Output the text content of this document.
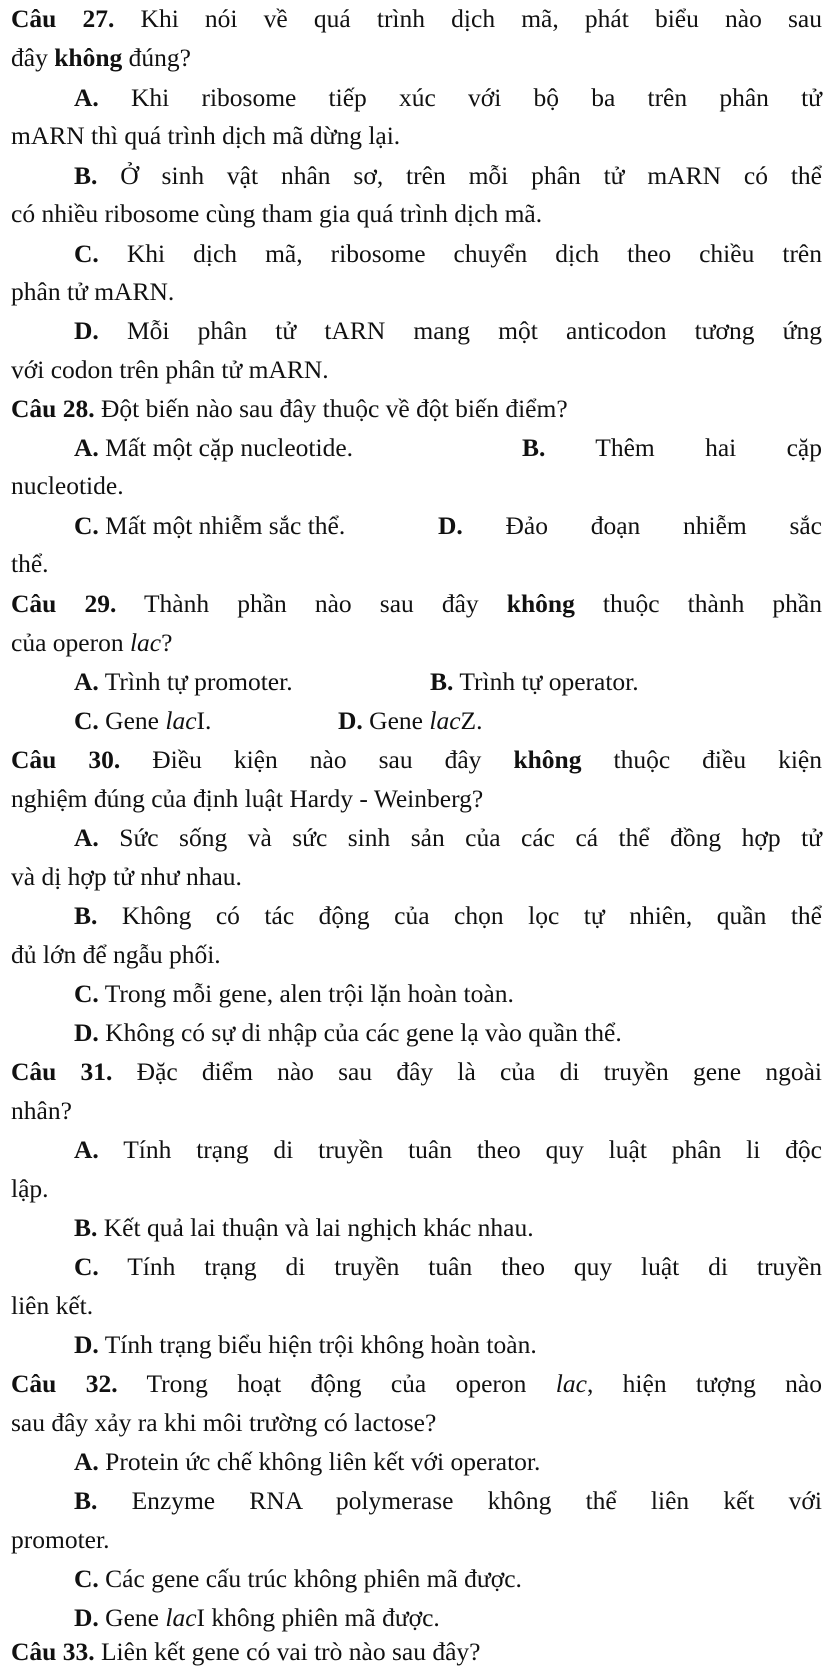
Câu 27. Khi nói về quá trình dịch mã, phát biểu nào sau
đây không đúng?
A. Khi ribosome tiếp xúc với bộ ba trên phân tử
mARN thì quá trình dịch mã dừng lại.
B. Ở sinh vật nhân sơ, trên mỗi phân tử mARN có thể
có nhiều ribosome cùng tham gia quá trình dịch mã.
C. Khi dịch mã, ribosome chuyển dịch theo chiều trên
phân tử mARN.
D. Mỗi phân tử tARN mang một anticodon tương ứng
với codon trên phân tử mARN.
Câu 28. Đột biến nào sau đây thuộc về đột biến điểm?
A. Mất một cặp nucleotide.	B. Thêm hai cặp
nucleotide.
C. Mất một nhiễm sắc thể.	D. Đảo đoạn nhiễm sắc
thể.
Câu 29. Thành phần nào sau đây không thuộc thành phần
của operon lac?
A. Trình tự promoter.	B. Trình tự operator.
C. Gene lacI.	D. Gene lacZ.
Câu 30. Điều kiện nào sau đây không thuộc điều kiện
nghiệm đúng của định luật Hardy - Weinberg?
A. Sức sống và sức sinh sản của các cá thể đồng hợp tử
và dị hợp tử như nhau.
B. Không có tác động của chọn lọc tự nhiên, quần thể
đủ lớn để ngẫu phối.
C. Trong mỗi gene, alen trội lặn hoàn toàn.
D. Không có sự di nhập của các gene lạ vào quần thể.
Câu 31. Đặc điểm nào sau đây là của di truyền gene ngoài
nhân?
A. Tính trạng di truyền tuân theo quy luật phân li độc
lập.
B. Kết quả lai thuận và lai nghịch khác nhau.
C. Tính trạng di truyền tuân theo quy luật di truyền
liên kết.
D. Tính trạng biểu hiện trội không hoàn toàn.
Câu 32. Trong hoạt động của operon lac, hiện tượng nào
sau đây xảy ra khi môi trường có lactose?
A. Protein ức chế không liên kết với operator.
B. Enzyme RNA polymerase không thể liên kết với
promoter.
C. Các gene cấu trúc không phiên mã được.
D. Gene lacI không phiên mã được.
Câu 33. Liên kết gene có vai trò nào sau đây?
